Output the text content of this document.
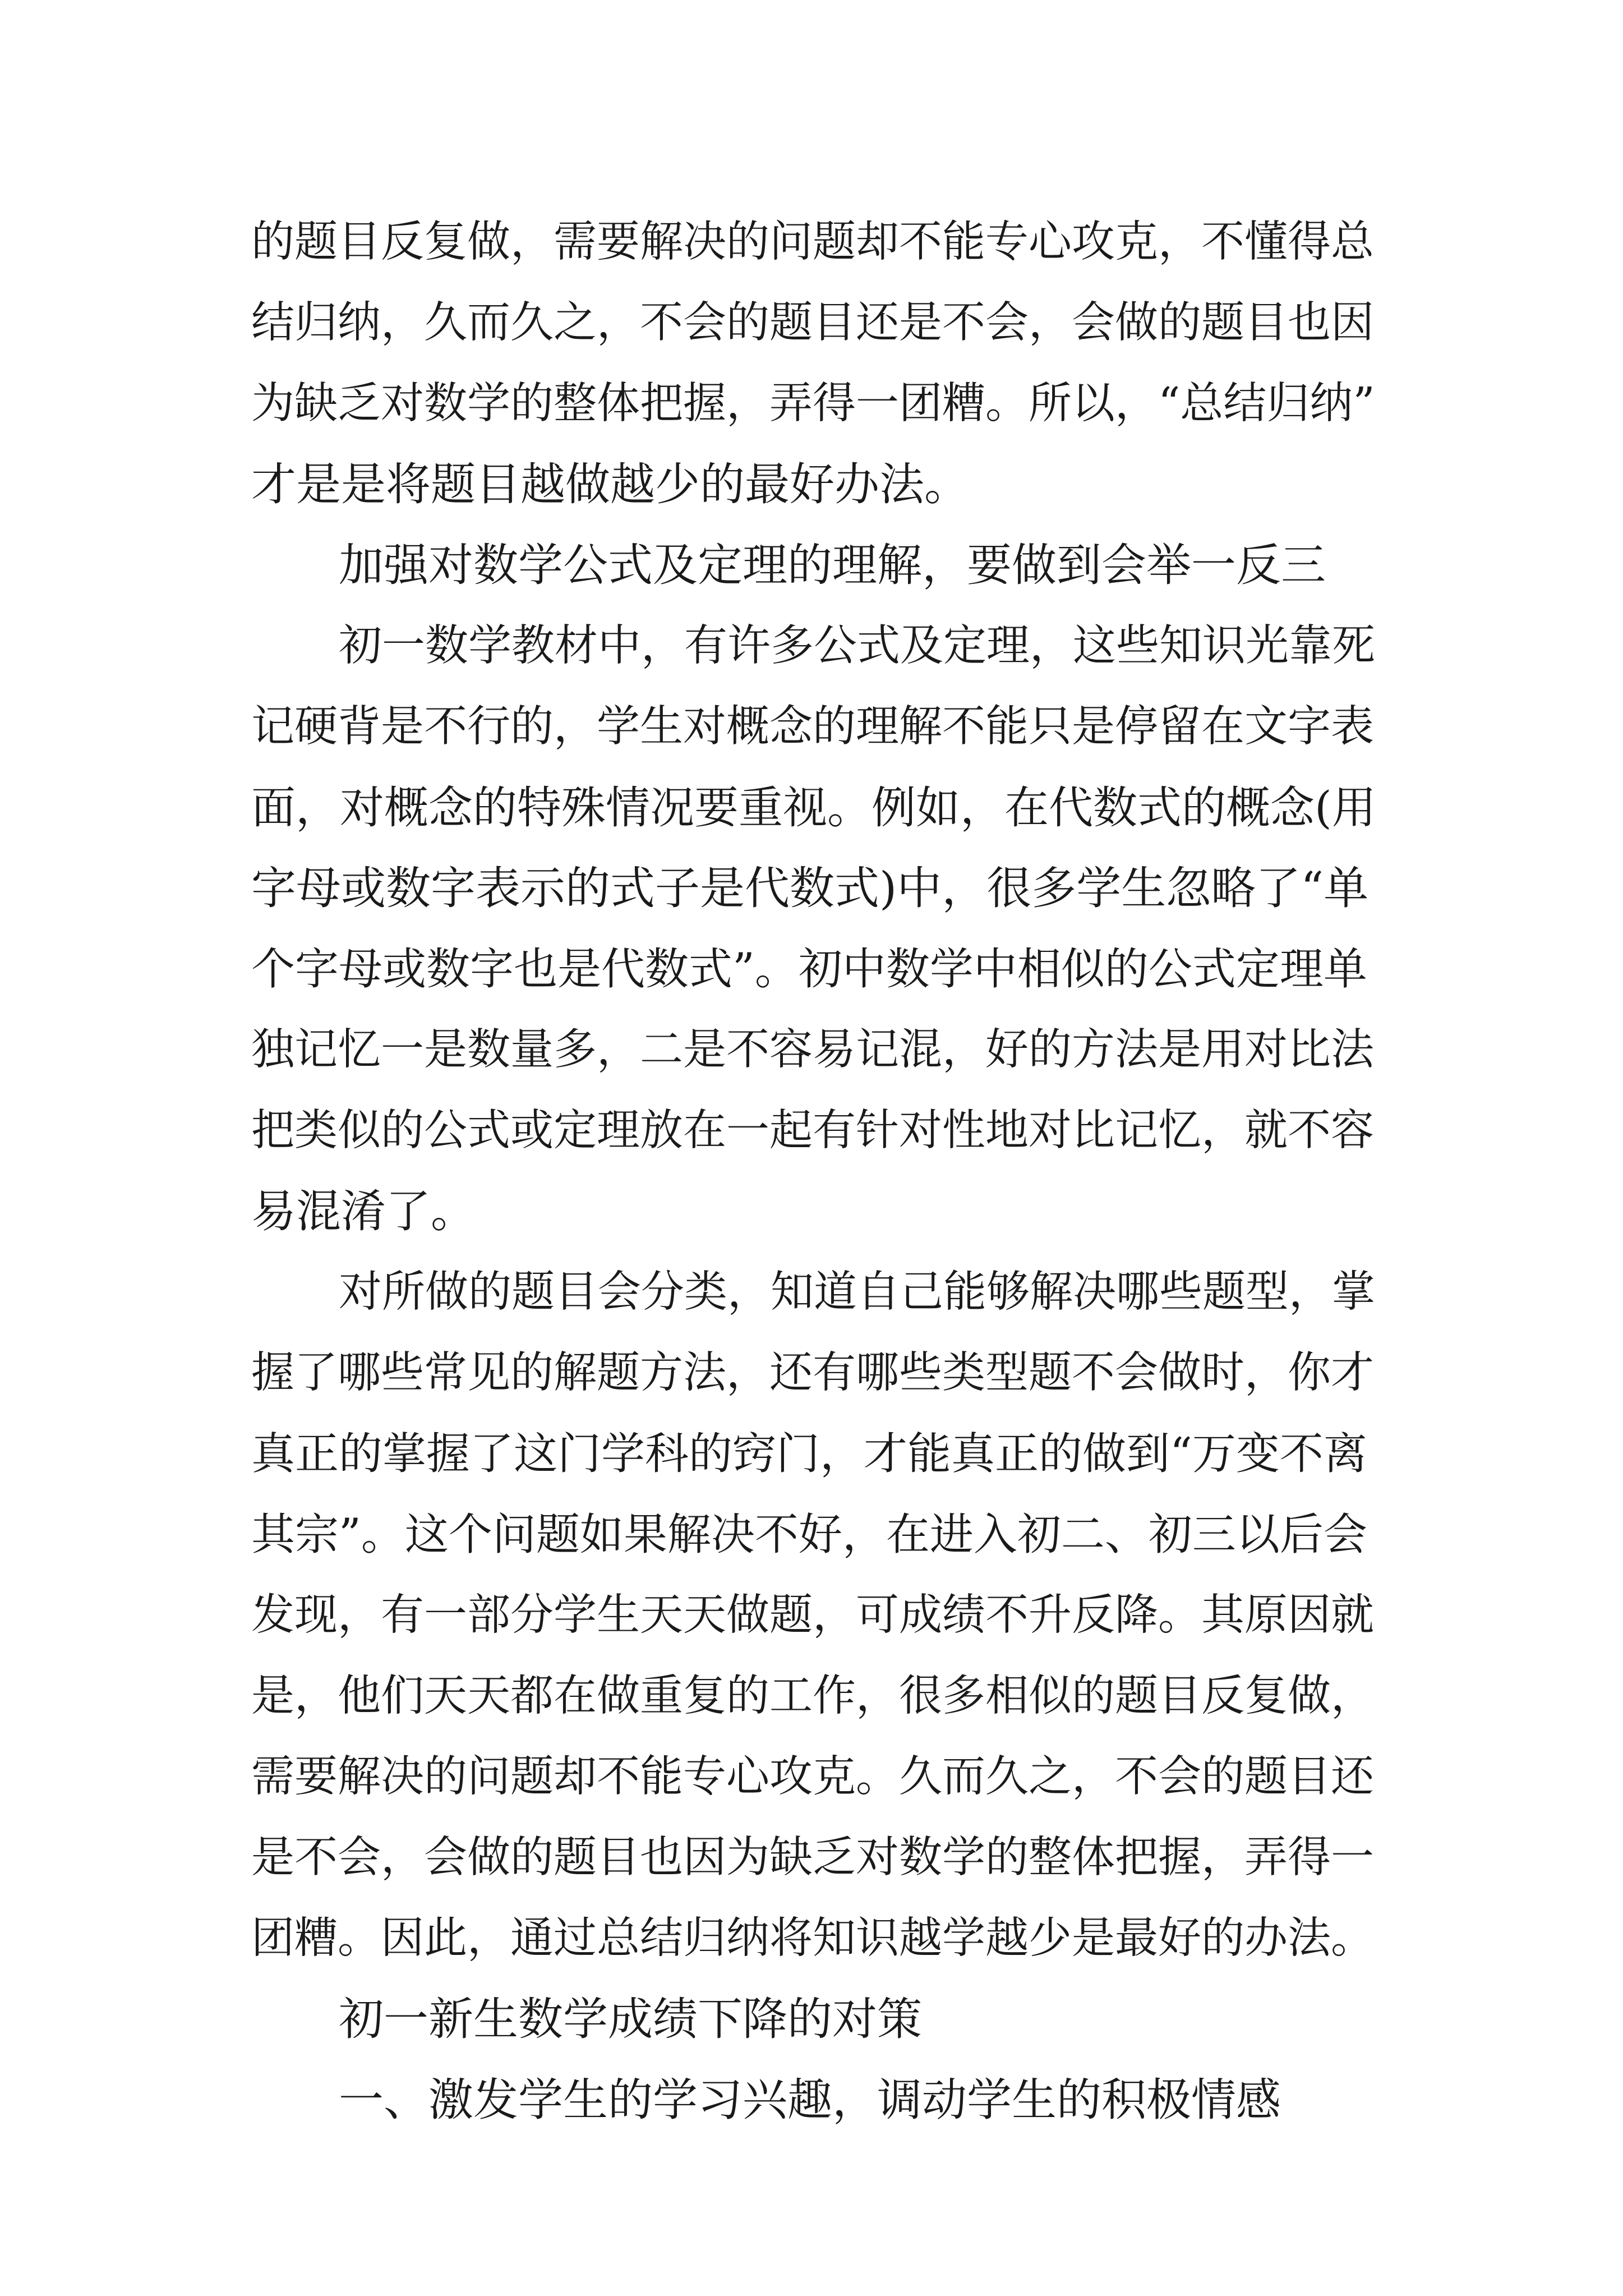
的题目反复做，需要解决的问题却不能专心攻克，不懂得总
结归纳，久而久之，不会的题目还是不会，会做的题目也因
为缺乏对数学的整体把握，弄得一团糟。所以，“总结归纳”
才是是将题目越做越少的最好办法。
加强对数学公式及定理的理解，要做到会举一反三
初一数学教材中，有许多公式及定理，这些知识光靠死
记硬背是不行的，学生对概念的理解不能只是停留在文字表
面，对概念的特殊情况要重视。例如，在代数式的概念(用
字母或数字表示的式子是代数式)中，很多学生忽略了“单
个字母或数字也是代数式”。初中数学中相似的公式定理单
独记忆一是数量多，二是不容易记混，好的方法是用对比法
把类似的公式或定理放在一起有针对性地对比记忆，就不容
易混淆了。
对所做的题目会分类，知道自己能够解决哪些题型，掌
握了哪些常见的解题方法，还有哪些类型题不会做时，你才
真正的掌握了这门学科的窍门，才能真正的做到“万变不离
其宗”。这个问题如果解决不好，在进入初二、初三以后会
发现，有一部分学生天天做题，可成绩不升反降。其原因就
是，他们天天都在做重复的工作，很多相似的题目反复做，
需要解决的问题却不能专心攻克。久而久之，不会的题目还
是不会，会做的题目也因为缺乏对数学的整体把握，弄得一
团糟。因此，通过总结归纳将知识越学越少是最好的办法。
初一新生数学成绩下降的对策
一、激发学生的学习兴趣，调动学生的积极情感
